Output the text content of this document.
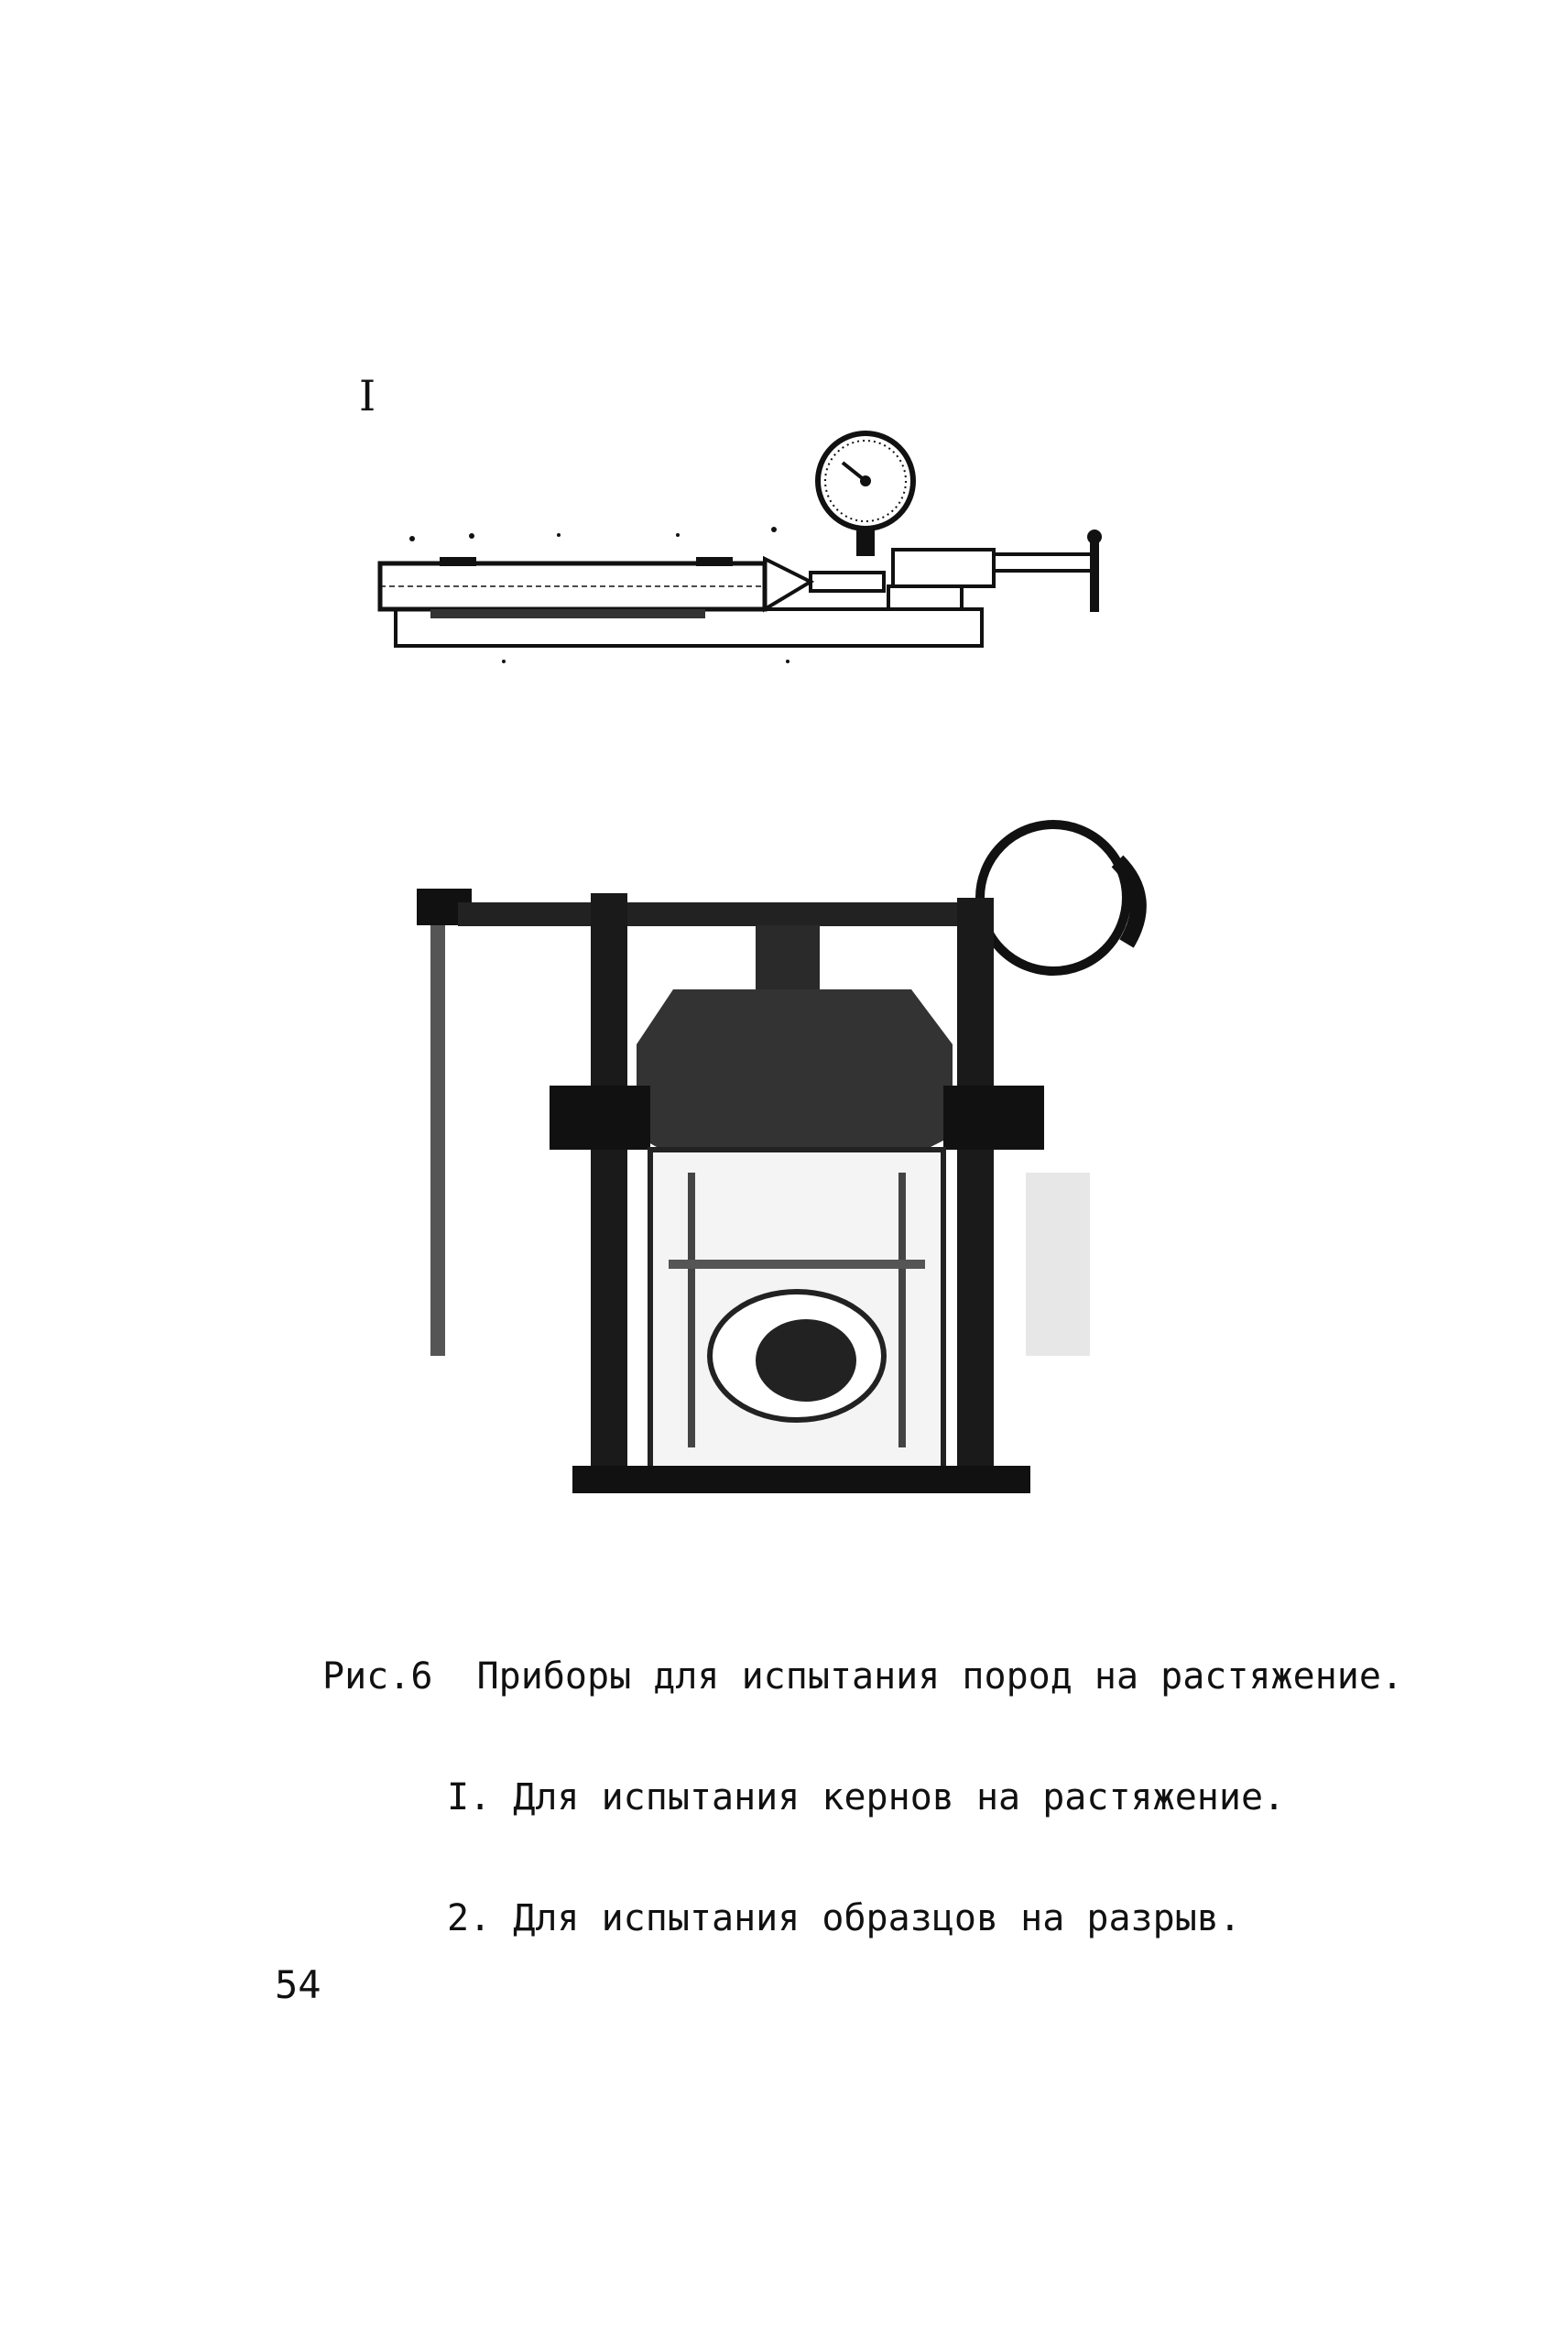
I

Рис.6 Приборы для испытания пород на растяжение.

I. Для испытания кернов на растяжение.

2. Для испытания образцов на разрыв.

54
